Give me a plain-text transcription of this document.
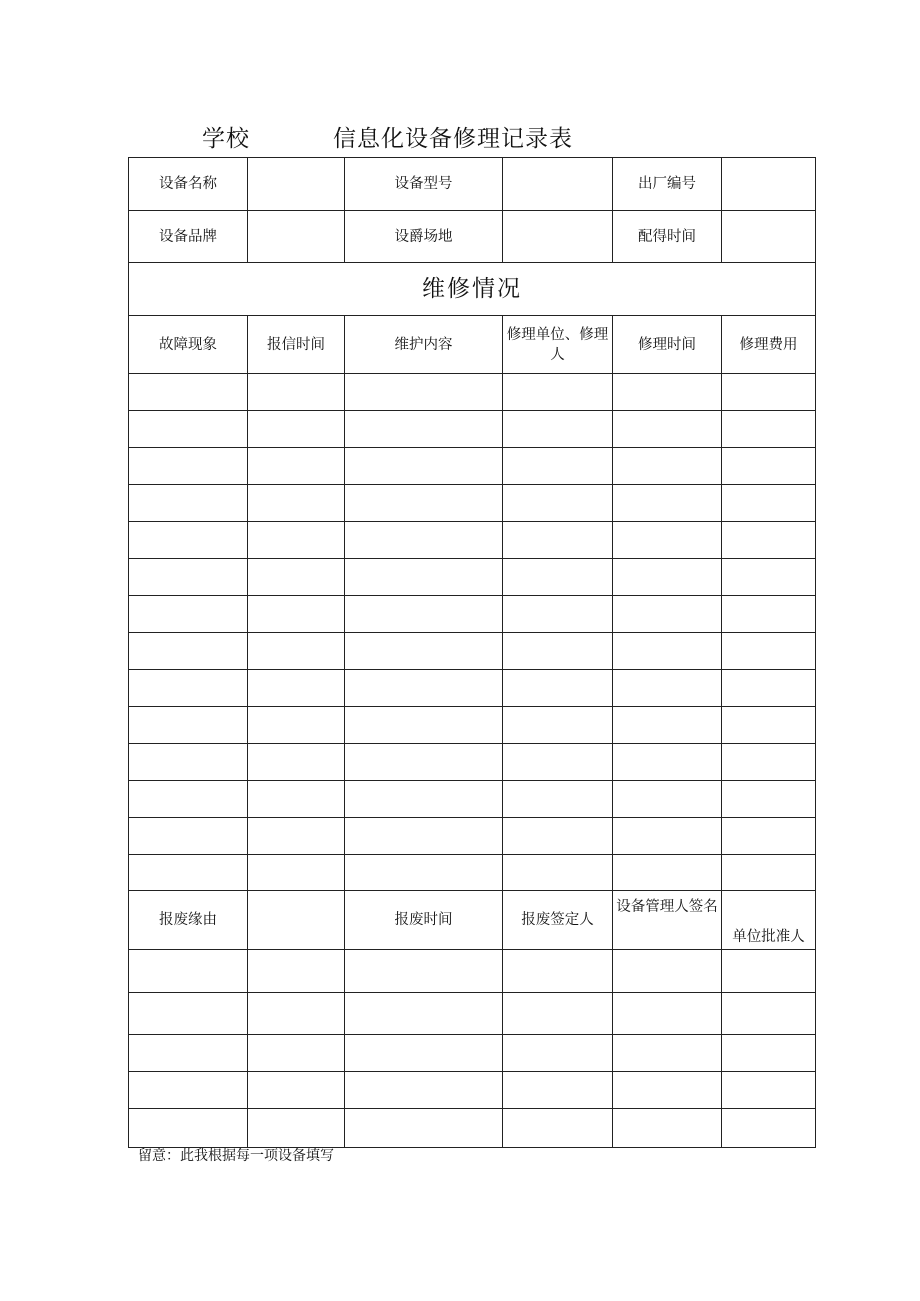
学校	信息化设备修理记录表
设备名称		设备型号		出厂编号	
设备品牌		设爵场地		配得时间	
维修情况					
故障现象	报信时间	维护内容	修理单位、修理人	修理时间	修理费用

报废缘由		报废时间	报废签定人	设备管理人签名	单位批准人

留意：此我根据每一项设备填写
